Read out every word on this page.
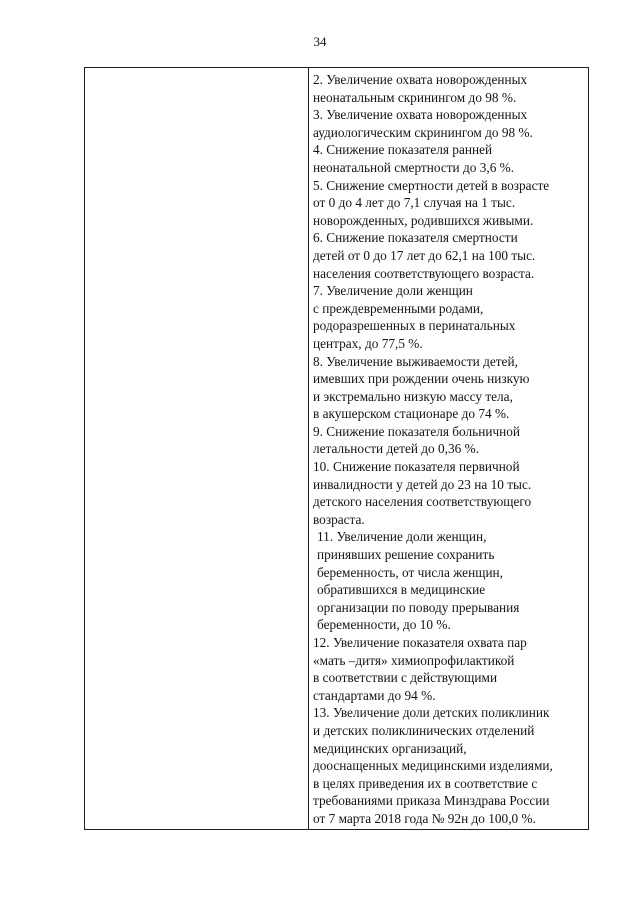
34
2. Увеличение охвата новорожденных
неонатальным скринингом до 98 %.
3. Увеличение охвата новорожденных
аудиологическим скринингом до 98 %.
4. Снижение показателя ранней
неонатальной смертности до 3,6 %.
5. Снижение смертности детей в возрасте
от 0 до 4 лет до 7,1 случая на 1 тыс.
новорожденных, родившихся живыми.
6. Снижение показателя смертности
детей от 0 до 17 лет до 62,1 на 100 тыс.
населения соответствующего возраста.
7. Увеличение доли женщин
с преждевременными родами,
родоразрешенных в перинатальных
центрах, до 77,5 %.
8. Увеличение выживаемости детей,
имевших при рождении очень низкую
и экстремально низкую массу тела,
в акушерском стационаре до 74 %.
9. Снижение показателя больничной
летальности детей до 0,36 %.
10. Снижение показателя первичной
инвалидности у детей до 23 на 10 тыс.
детского населения соответствующего
возраста.
11. Увеличение доли женщин,
принявших решение сохранить
беременность, от числа женщин,
обратившихся в медицинские
организации по поводу прерывания
беременности, до 10 %.
12. Увеличение показателя охвата пар
«мать –дитя» химиопрофилактикой
в соответствии с действующими
стандартами до 94 %.
13. Увеличение доли детских поликлиник
и детских поликлинических отделений
медицинских организаций,
дооснащенных медицинскими изделиями,
в целях приведения их в соответствие с
требованиями приказа Минздрава России
от 7 марта 2018 года № 92н до 100,0 %.
